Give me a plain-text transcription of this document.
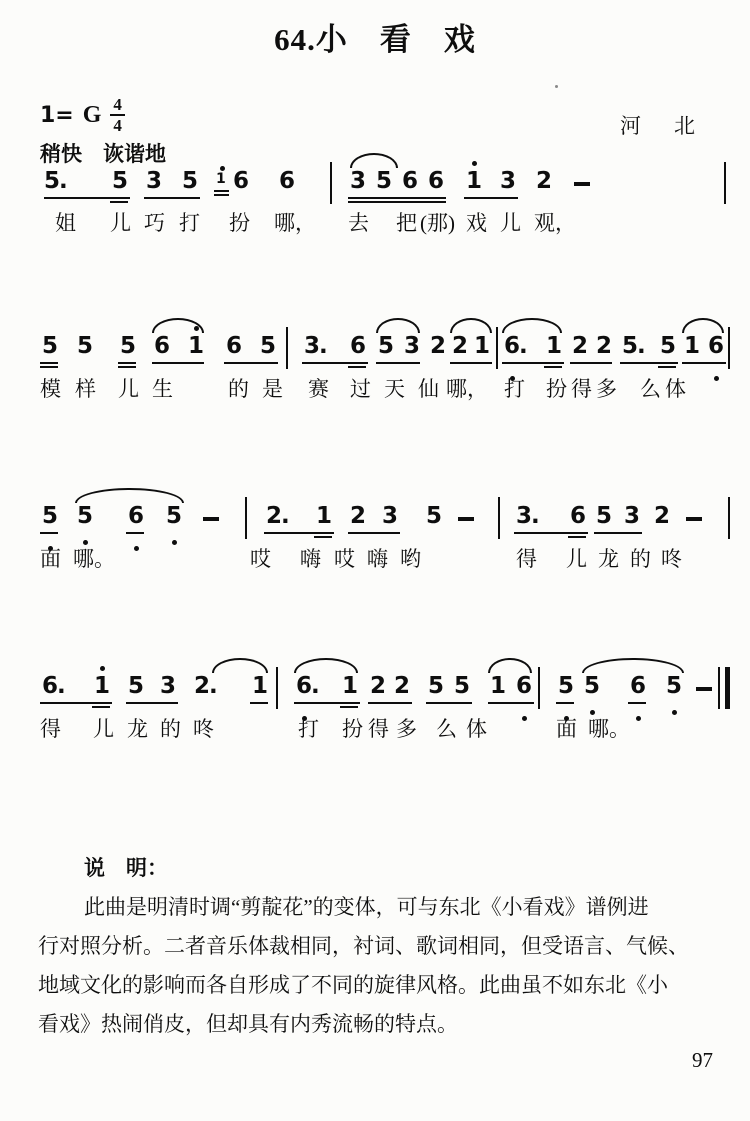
64.小　看　戏
1= G $\frac{4}{4}$	河　北
稍快　诙谐地
5. 5 3 5 1 6 6 3 5 6 6 1 3 2
姐 儿 巧 打 扮 哪， 去 把 (那) 戏 儿 观，
5 5 5 6 1 6 5 3. 6 5 3 2 2 1 6. 1 2 2 5. 5 1 6
模 样 儿 生	的 是 赛 过 天 仙 哪， 打 扮 得 多 么 体
5 5 6 5	2. 1 2 3 5	3. 6 5 3 2
面 哪。	哎 嗨 哎 嗨 哟	得 儿 龙 的 咚
6. 1 5 3 2. 1 6. 1 2 2 5 5 1 6 5 5 6 5
得 儿 龙 的 咚	打 扮 得 多 么 体	面 哪。
说　明：
此曲是明清时调“剪靛花”的变体，可与东北《小看戏》谱例进
行对照分析。二者音乐体裁相同，衬词、歌词相同，但受语言、气候、
地域文化的影响而各自形成了不同的旋律风格。此曲虽不如东北《小
看戏》热闹俏皮，但却具有内秀流畅的特点。
97
